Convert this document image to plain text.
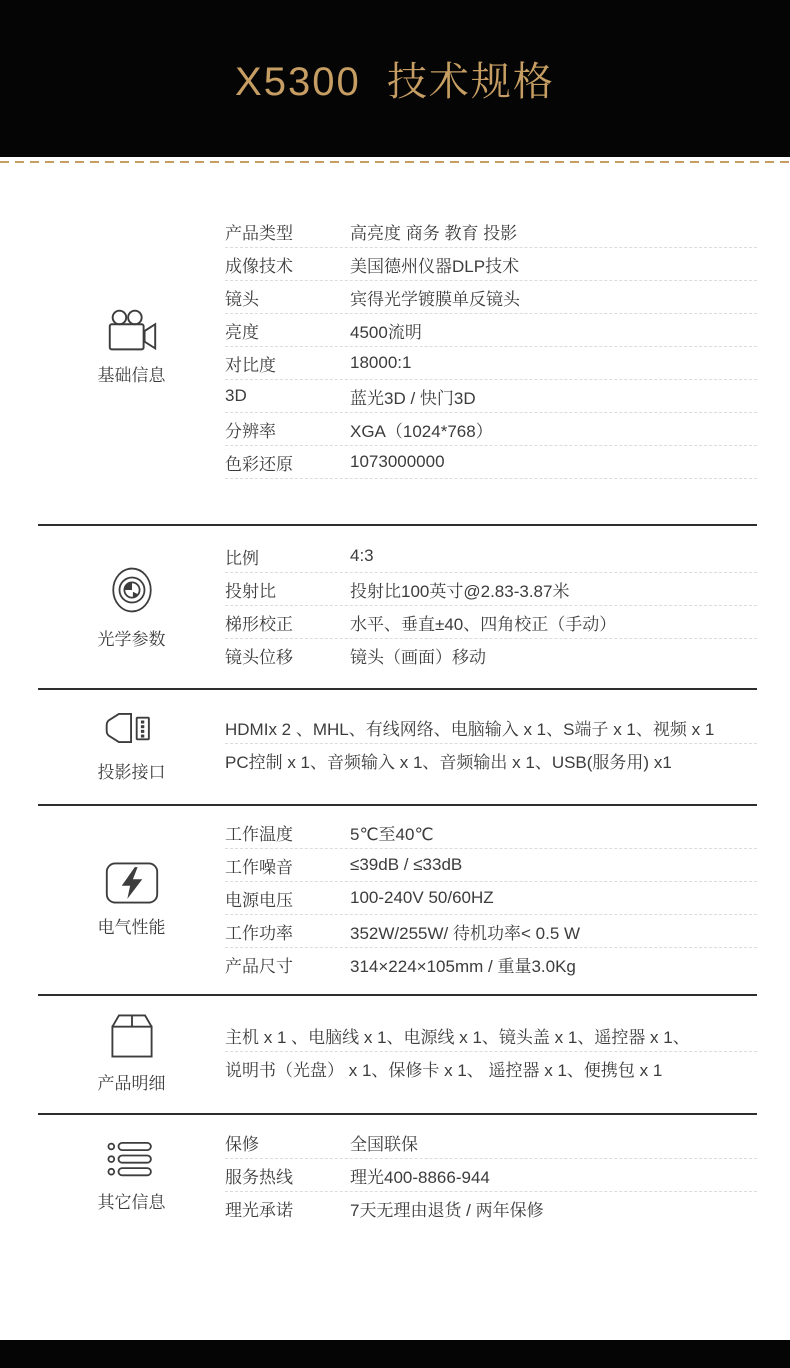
X5300  技术规格
基础信息
产品类型	高亮度 商务 教育 投影
成像技术	美国德州仪器DLP技术
镜头	宾得光学镀膜单反镜头
亮度	4500流明
对比度	18000:1
3D	蓝光3D / 快门3D
分辨率	XGA（1024*768）
色彩还原	1073000000
光学参数
比例	4:3
投射比	投射比100英寸@2.83-3.87米
梯形校正	水平、垂直±40、四角校正（手动）
镜头位移	镜头（画面）移动
投影接口
HDMIx 2 、MHL、有线网络、电脑输入 x 1、S端子 x 1、视频 x 1
PC控制 x 1、音频输入 x 1、音频输出 x 1、USB(服务用) x1
电气性能
工作温度	5℃至40℃
工作噪音	≤39dB / ≤33dB
电源电压	100-240V 50/60HZ
工作功率	352W/255W/ 待机功率< 0.5 W
产品尺寸	314×224×105mm / 重量3.0Kg
产品明细
主机 x 1 、电脑线 x 1、电源线 x 1、镜头盖 x 1、遥控器 x 1、
说明书（光盘） x 1、保修卡 x 1、 遥控器 x 1、便携包 x 1
其它信息
保修	全国联保
服务热线	理光400-8866-944
理光承诺	7天无理由退货 / 两年保修
